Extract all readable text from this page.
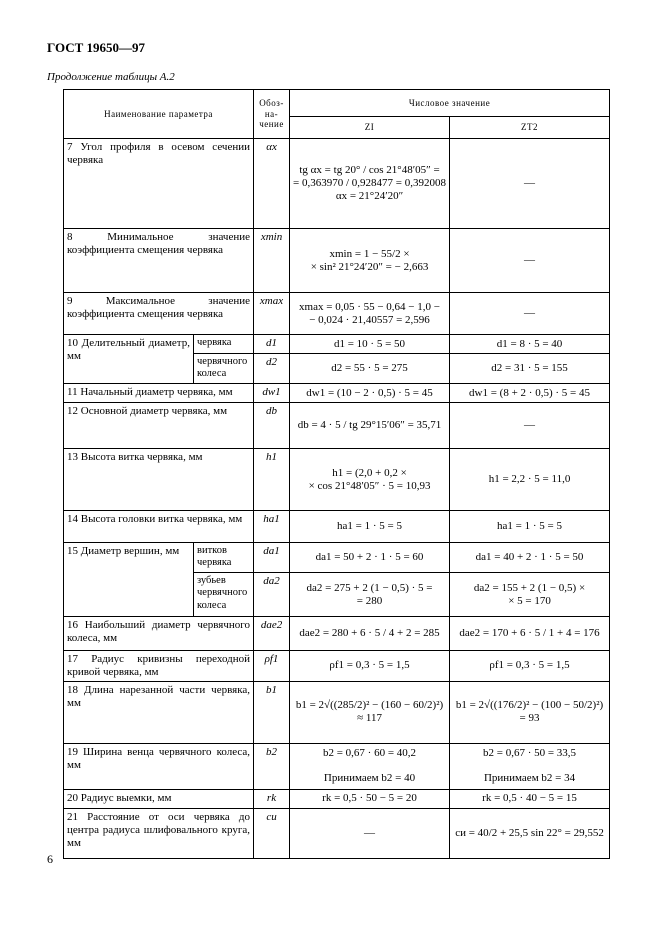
ГОСТ 19650—97
Продолжение таблицы А.2
Наименование параметра		Обоз-
на-
чение	Числовое значение	
			ZI	ZT2
7 Угол профиля в осевом сечении червяка		αx	tg αx = tg 20° / cos 21°48′05″ =
= 0,363970 / 0,928477 = 0,392008
αx = 21°24′20″	—

8 Минимальное значение коэффициента смещения червяка		xmin	xmin = 1 − 55/2 ×
× sin² 21°24′20″ = − 2,663	—

9 Максимальное значение коэффициента смещения червяка		xmax	xmax = 0,05 · 55 − 0,64 − 1,0 −
− 0,024 · 21,40557 = 2,596	—

10 Делительный диаметр, мм	червяка	d1	d1 = 10 · 5 = 50	d1 = 8 · 5 = 40
	червячного колеса	d2	d2 = 55 · 5 = 275	d2 = 31 · 5 = 155
11 Начальный диаметр червяка, мм		dw1	dw1 = (10 − 2 · 0,5) · 5 = 45	dw1 = (8 + 2 · 0,5) · 5 = 45
12 Основной диаметр червяка, мм		db	db = 4 · 5 / tg 29°15′06″ = 35,71	—

13 Высота витка червяка, мм		h1	h1 = (2,0 + 0,2 ×
× cos 21°48′05″ · 5 = 10,93	h1 = 2,2 · 5 = 11,0
14 Высота головки витка червяка, мм		ha1	ha1 = 1 · 5 = 5	ha1 = 1 · 5 = 5
15 Диаметр вершин, мм	витков червяка	da1	da1 = 50 + 2 · 1 · 5 = 60	da1 = 40 + 2 · 1 · 5 = 50
	зубьев червячного колеса	da2	da2 = 275 + 2 (1 − 0,5) · 5 =
= 280	da2 = 155 + 2 (1 − 0,5) ×
× 5 = 170

16 Наибольший диаметр червячного колеса, мм		dae2	dae2 = 280 + 6 · 5 / 4 + 2 = 285	dae2 = 170 + 6 · 5 / 1 + 4 = 176
17 Радиус кривизны переходной кривой червяка, мм		ρf1	ρf1 = 0,3 · 5 = 1,5	ρf1 = 0,3 · 5 = 1,5
18 Длина нарезанной части червяка, мм		b1	b1 = 2√((285/2)² − (160 − 60/2)²) ≈ 117	b1 = 2√((176/2)² − (100 − 50/2)²) = 93
19 Ширина венца червячного колеса, мм		b2	b2 = 0,67 · 60 = 40,2
Принимаем b2 = 40	b2 = 0,67 · 50 = 33,5
Принимаем b2 = 34

20 Радиус выемки, мм		rk	rk = 0,5 · 50 − 5 = 20	rk = 0,5 · 40 − 5 = 15
21 Расстояние от оси червяка до центра радиуса шлифовального круга, мм		cи	—	cи = 40/2 + 25,5 sin 22° = 29,552
6
